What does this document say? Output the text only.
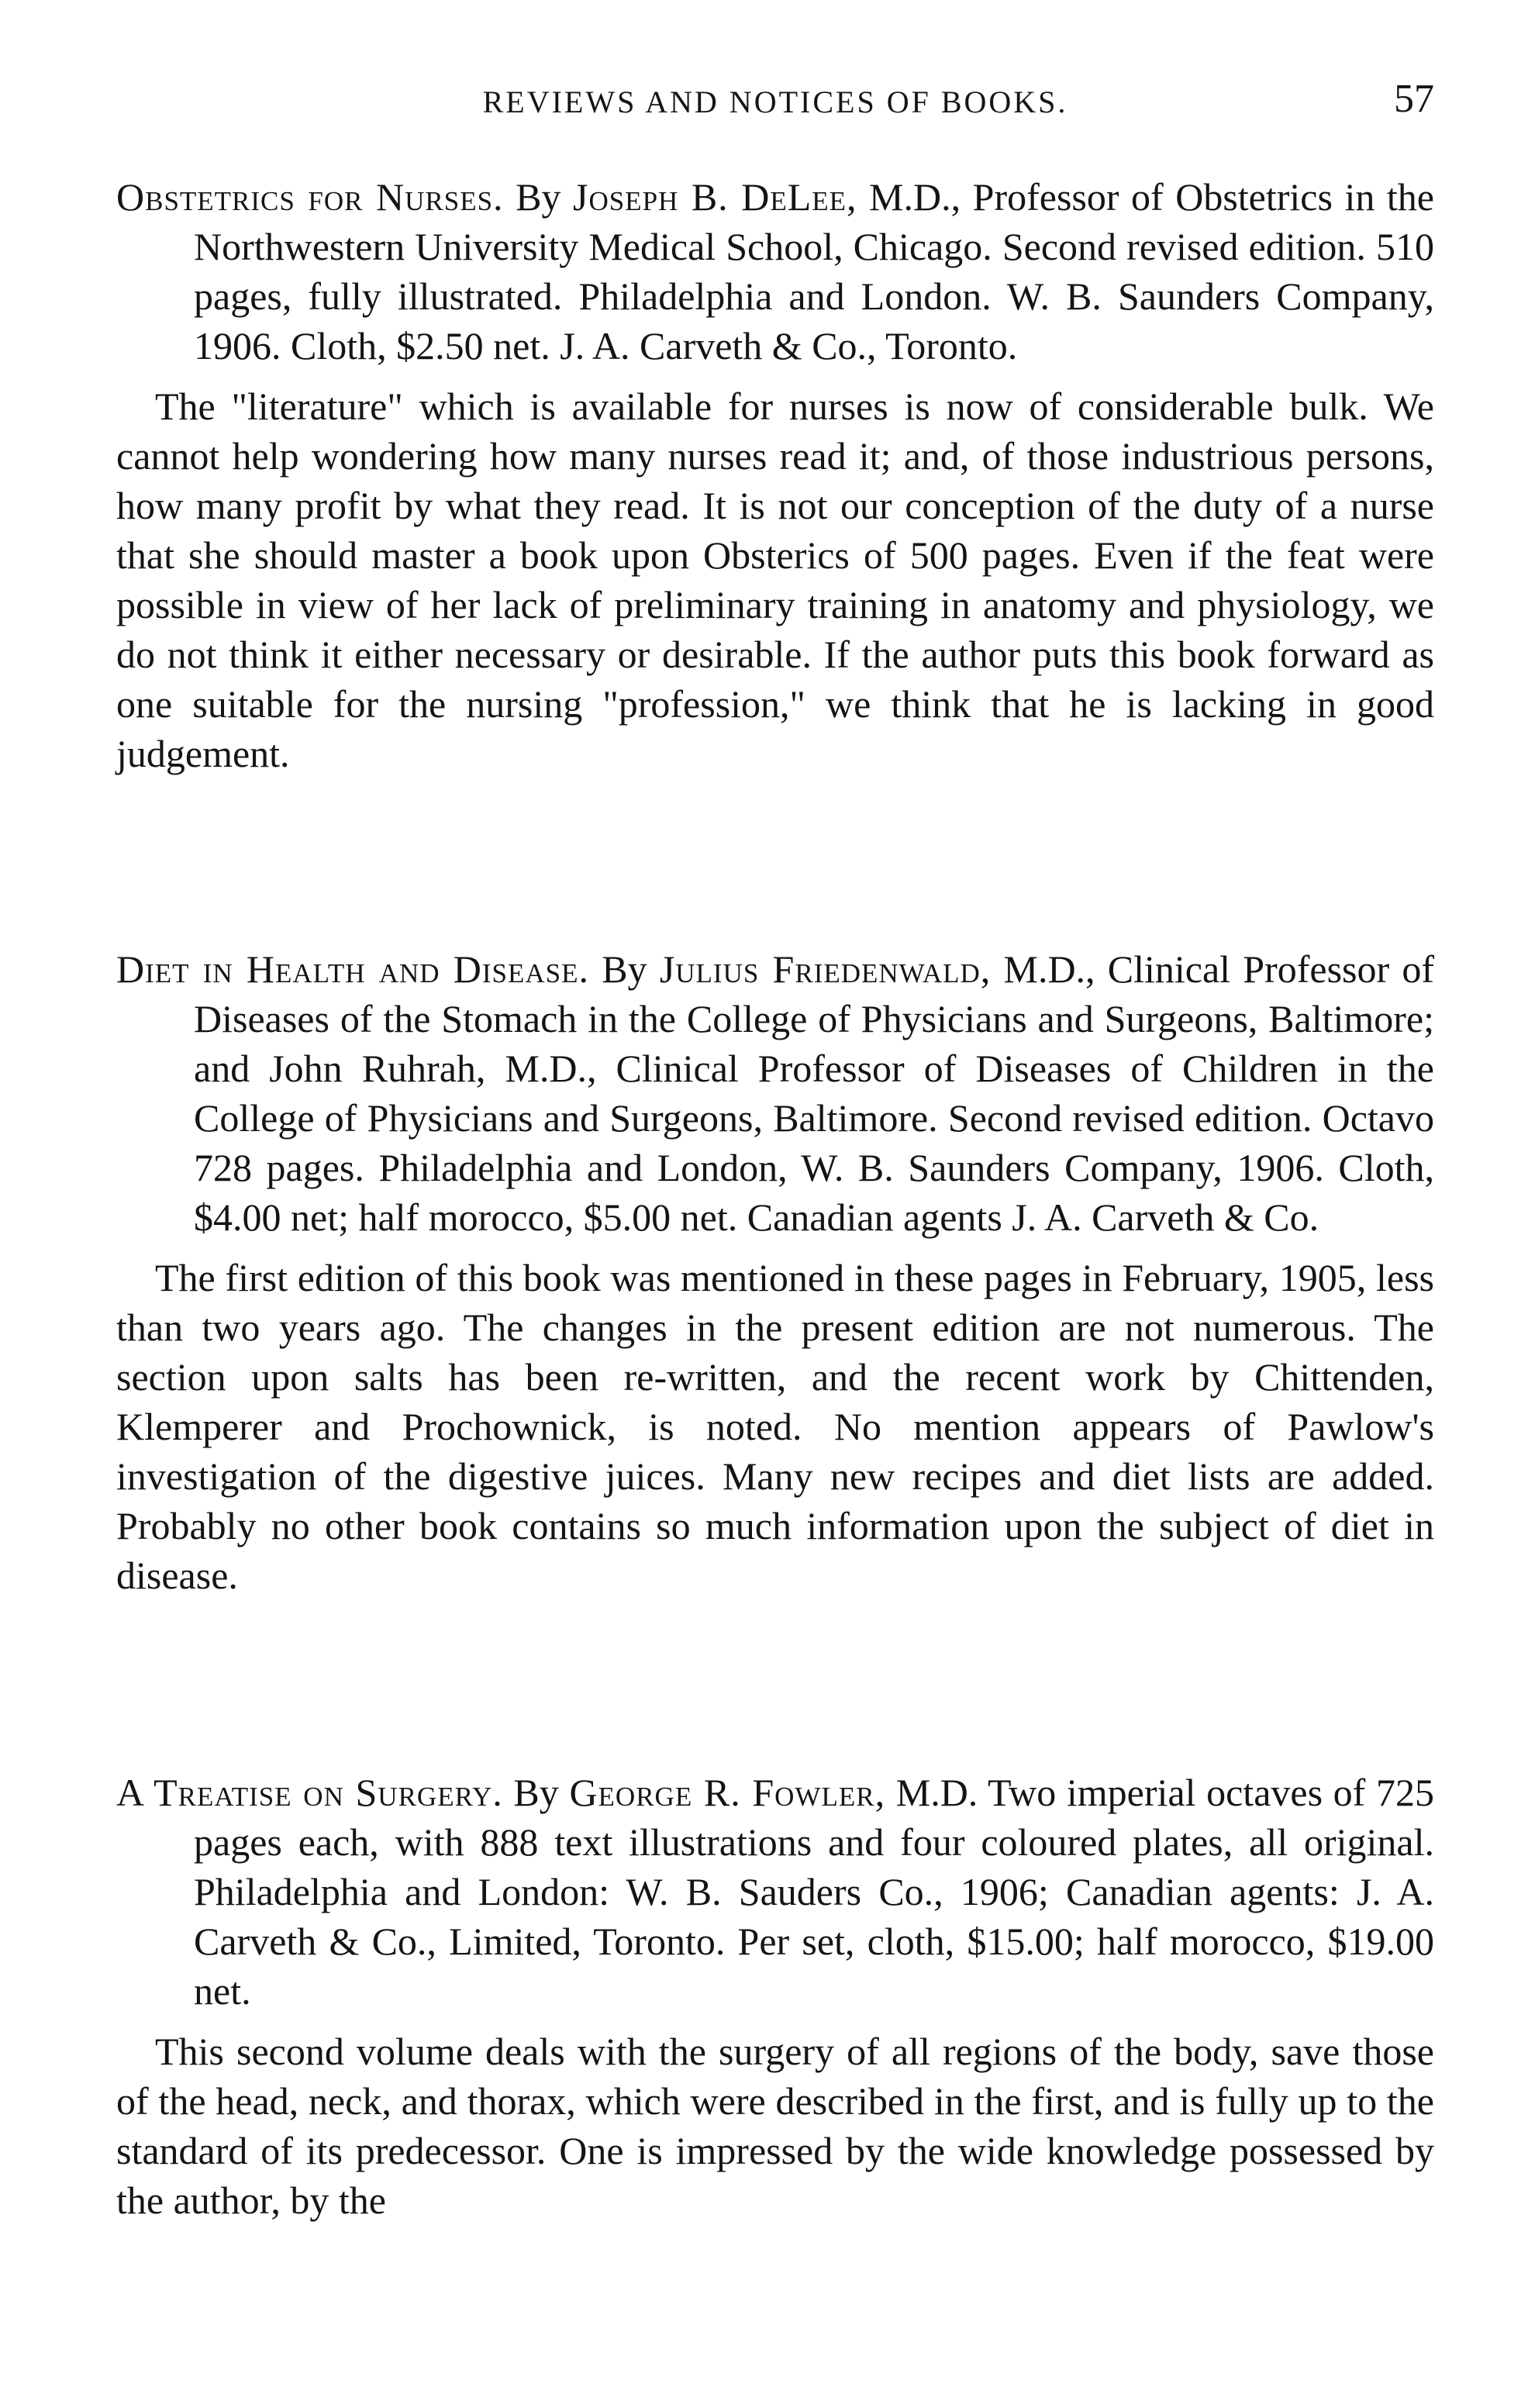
REVIEWS AND NOTICES OF BOOKS.	57
Obstetrics for Nurses. By Joseph B. DeLee, M.D., Professor of Obstetrics in the Northwestern University Medical School, Chicago. Second revised edition. 510 pages, fully illustrated. Philadelphia and London. W. B. Saunders Company, 1906. Cloth, $2.50 net. J. A. Carveth & Co., Toronto.
The "literature" which is available for nurses is now of considerable bulk. We cannot help wondering how many nurses read it; and, of those industrious persons, how many profit by what they read. It is not our conception of the duty of a nurse that she should master a book upon Obsterics of 500 pages. Even if the feat were possible in view of her lack of preliminary training in anatomy and physiology, we do not think it either necessary or desirable. If the author puts this book forward as one suitable for the nursing "profession," we think that he is lacking in good judgement.
Diet in Health and Disease. By Julius Friedenwald, M.D., Clinical Professor of Diseases of the Stomach in the College of Physicians and Surgeons, Baltimore; and John Ruhrah, M.D., Clinical Professor of Diseases of Children in the College of Physicians and Surgeons, Baltimore. Second revised edition. Octavo 728 pages. Philadelphia and London, W. B. Saunders Company, 1906. Cloth, $4.00 net; half morocco, $5.00 net. Canadian agents J. A. Carveth & Co.
The first edition of this book was mentioned in these pages in February, 1905, less than two years ago. The changes in the present edition are not numerous. The section upon salts has been re-written, and the recent work by Chittenden, Klemperer and Prochownick, is noted. No mention appears of Pawlow's investigation of the digestive juices. Many new recipes and diet lists are added. Probably no other book contains so much information upon the subject of diet in disease.
A Treatise on Surgery. By George R. Fowler, M.D. Two imperial octaves of 725 pages each, with 888 text illustrations and four coloured plates, all original. Philadelphia and London: W. B. Sauders Co., 1906; Canadian agents: J. A. Carveth & Co., Limited, Toronto. Per set, cloth, $15.00; half morocco, $19.00 net.
This second volume deals with the surgery of all regions of the body, save those of the head, neck, and thorax, which were described in the first, and is fully up to the standard of its predecessor. One is impressed by the wide knowledge possessed by the author, by the
